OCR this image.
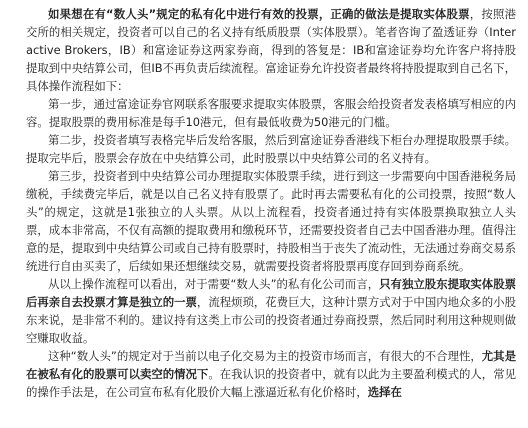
如果想在有“数人头”规定的私有化中进行有效的投票，正确的做法是提取实体股票，按照港交所的相关规定，投资者可以自己的名义持有纸质股票（实体股票）。笔者咨询了盈透证券（Interactive Brokers，IB）和富途证券这两家券商，得到的答复是：IB和富途证券均允许客户将持股提取到中央结算公司，但IB不再负责后续流程。富途证券允许投资者最终将持股提取到自己名下，具体操作流程如下：

第一步，通过富途证券官网联系客服要求提取实体股票，客服会给投资者发表格填写相应的内容。提取股票的费用标准是每手10港元，但有最低收费为50港元的门槛。

第二步，投资者填写表格完毕后发给客服，然后到富途证券香港线下柜台办理提取股票手续。提取完毕后，股票会存放在中央结算公司，此时股票以中央结算公司的名义持有。

第三步，投资者到中央结算公司办理提取实体股票手续，进行到这一步需要向中国香港税务局缴税，手续费完毕后，就是以自己名义持有股票了。此时再去需要私有化的公司投票，按照“数人头”的规定，这就是1张独立的人头票。从以上流程看，投资者通过持有实体股票换取独立人头票，成本非常高，不仅有高额的提取费用和缴税环节，还需要投资者自己去中国香港办理。值得注意的是，提取到中央结算公司或自己持有股票时，持股相当于丧失了流动性，无法通过券商交易系统进行自由买卖了，后续如果还想继续交易，就需要投资者将股票再度存回到券商系统。

从以上操作流程可以看出，对于需要“数人头”的私有化公司而言，只有独立股东提取实体股票后再亲自去投票才算是独立的一票，流程烦琐，花费巨大，这种计票方式对于中国内地众多的小股东来说，是非常不利的。建议持有这类上市公司的投资者通过券商投票，然后同时利用这种规则做空赚取收益。

这种“数人头”的规定对于当前以电子化交易为主的投资市场而言，有很大的不合理性，尤其是在被私有化的股票可以卖空的情况下。在我认识的投资者中，就有以此为主要盈利模式的人，常见的操作手法是，在公司宣布私有化股价大幅上涨逼近私有化价格时，选择在
